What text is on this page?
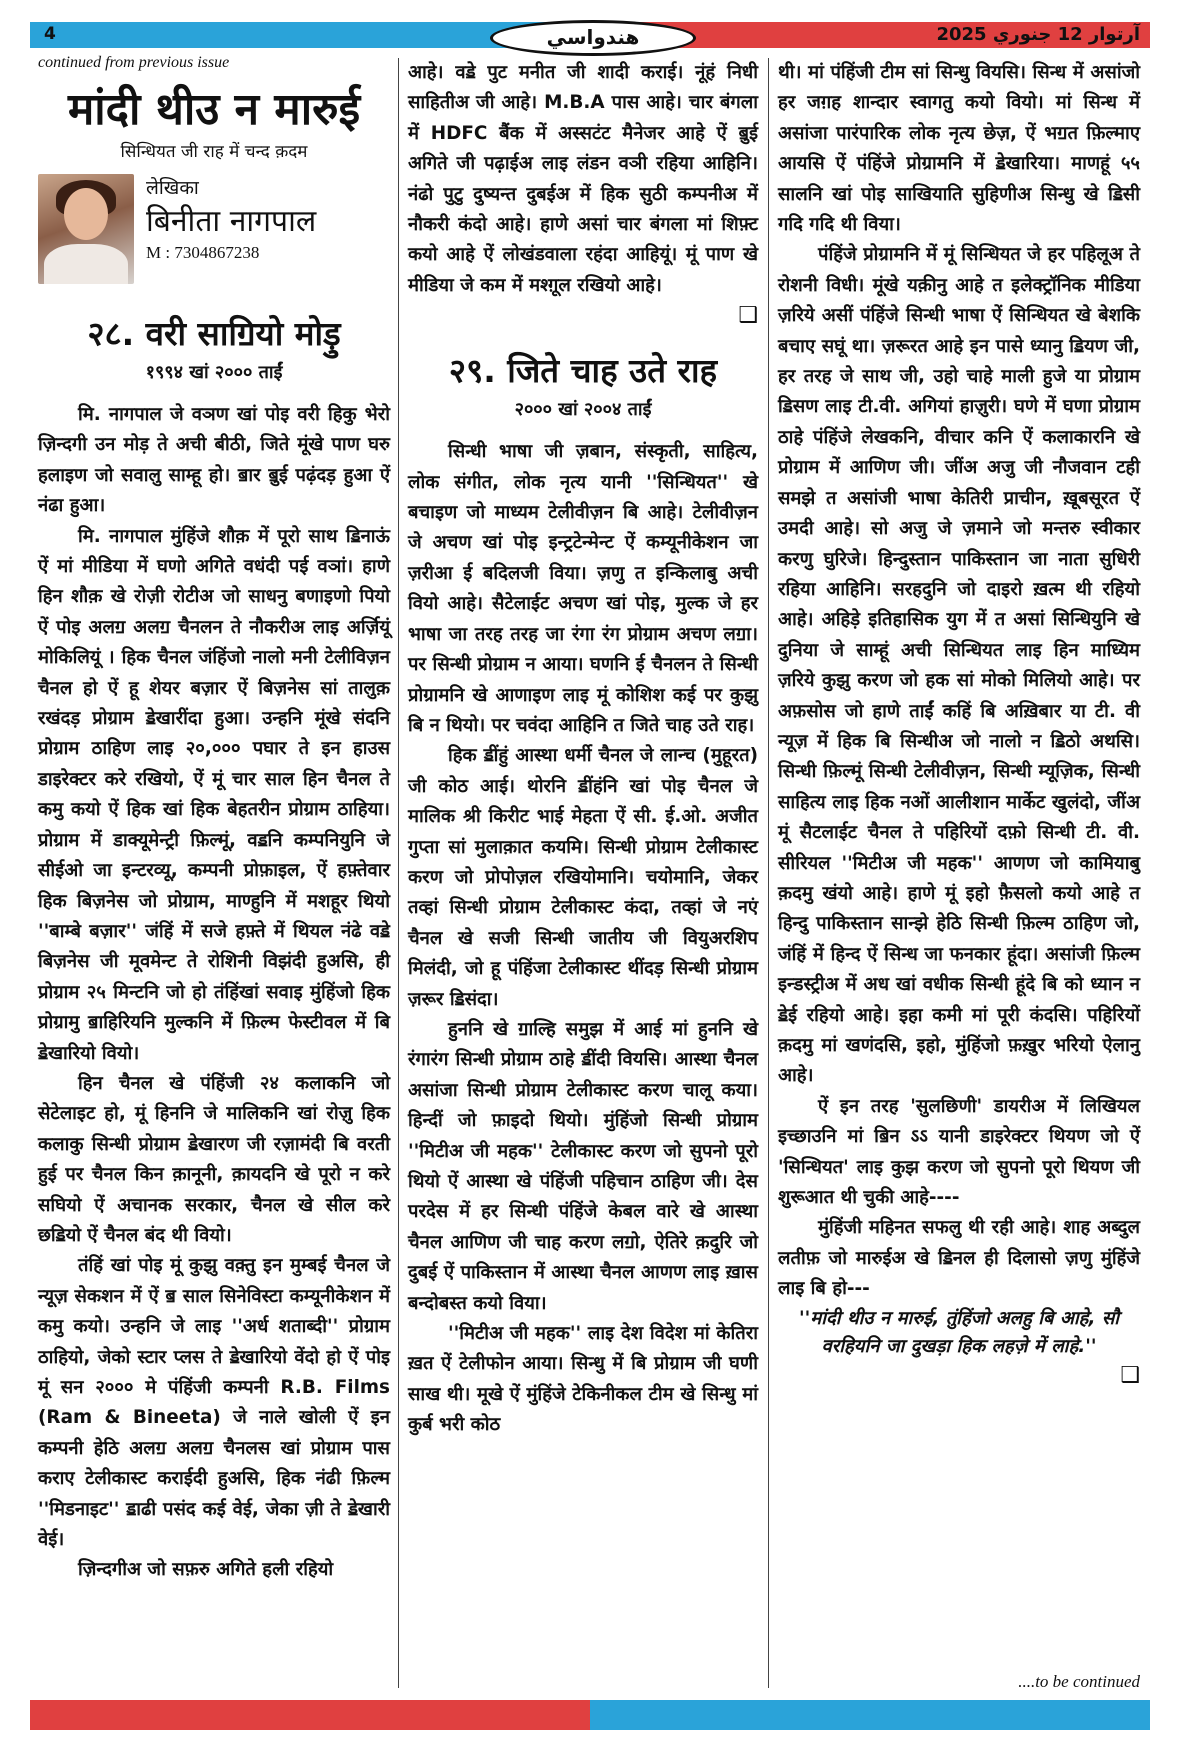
4	هندواسي	آرتوار 12 جنوري 2025
continued from previous issue
मांदी थीउ न मारुई
सिन्धियत जी राह में चन्द क़दम
लेखिका
बिनीता नागपाल
M : 7304867238
२८. वरी साॻियो मोड़ु
१९९४ खां २००० ताईं

मि. नागपाल जे वञण खां पोइ वरी हिकु भेरो ज़िन्दगी उन मोड़ ते अची बीठी, जिते मूंखे पाण घरु हलाइण जो सवालु साम्हू हो। ॿार ॿुई पढ़ंदड़ हुआ ऐं नंढा हुआ।

मि. नागपाल मुंहिंजे शौक़ में पूरो साथ ॾिनाऊं ऐं मां मीडिया में घणो अगिते वधंदी पई वञां। हाणे हिन शौक़ खे रोज़ी रोटीअ जो साधनु बणाइणो पियो ऐं पोइ अलॻ अलॻ चैनलन ते नौकरीअ लाइ अर्ज़ियूं मोकिलियूं । हिक चैनल जंहिंजो नालो मनी टेलीविज़न चैनल हो ऐं हू शेयर बज़ार ऐं बिज़नेस सां तालुक़ रखंदड़ प्रोग्राम ॾेखारींदा हुआ। उन्हनि मूंखे संदनि प्रोग्राम ठाहिण लाइ २०,००० पघार ते इन हाउस डाइरेक्टर करे रखियो, ऐं मूं चार साल हिन चैनल ते कमु कयो ऐं हिक खां हिक बेहतरीन प्रोग्राम ठाहिया। प्रोग्राम में डाक्यूमेन्ट्री फ़िल्मूं, वॾनि कम्पनियुनि जे सीईओ जा इन्टरव्यू, कम्पनी प्रोफ़ाइल, ऐं हफ़्तेवार हिक बिज़नेस जो प्रोग्राम, माण्हुनि में मशहूर थियो ''बाम्बे बज़ार'' जंहिं में सजे हफ़्ते में थियल नंढे वॾे बिज़नेस जी मूवमेन्ट ते रोशिनी विझंदी हुअसि, ही प्रोग्राम २५ मिन्टनि जो हो तंहिंखां सवाइ मुंहिंजो हिक प्रोग्रामु ॿाहिरियनि मुल्कनि में फ़िल्म फेस्टीवल में बि ॾेखारियो वियो।

हिन चैनल खे पंहिंजी २४ कलाकनि जो सेटेलाइट हो, मूं हिननि जे मालिकनि खां रोज़ु हिक कलाकु सिन्धी प्रोग्राम ॾेखारण जी रज़ामंदी बि वरती हुई पर चैनल किन क़ानूनी, क़ायदनि खे पूरो न करे सघियो ऐं अचानक सरकार, चैनल खे सील करे छॾियो ऐं चैनल बंद थी वियो।

तंहिं खां पोइ मूं कुझु वक़्तु इन मुम्बई चैनल जे न्यूज़ सेकशन में ऐं ॿ साल सिनेविस्टा कम्यूनीकेशन में कमु कयो। उन्हनि जे लाइ ''अर्ध शताब्दी'' प्रोग्राम ठाहियो, जेको स्टार प्लस ते ॾेखारियो वेंदो हो ऐं पोइ मूं सन २००० मे पंहिंजी कम्पनी R.B. Films (Ram & Bineeta) जे नाले खोली ऐं इन कम्पनी हेठि अलॻ अलॻ चैनलस खां प्रोग्राम पास कराए टेलीकास्ट कराईदी हुअसि, हिक नंढी फ़िल्म ''मिडनाइट'' ॾाढी पसंद कई वेई, जेका ज़ी ते ॾेखारी वेई।

ज़िन्दगीअ जो सफ़रु अगिते हली रहियो

आहे। वॾे पुट मनीत जी शादी कराई। नूंहं निधी साहितीअ जी आहे। M.B.A पास आहे। चार बंगला में HDFC बैंक में अस्सटंट मैनेजर आहे ऐं ॿुई अगिते जी पढ़ाईअ लाइ लंडन वञी रहिया आहिनि। नंढो पुटु दुष्यन्त दुबईअ में हिक सुठी कम्पनीअ में नौकरी कंदो आहे। हाणे असां चार बंगला मां शिफ़्ट कयो आहे ऐं लोखंडवाला रहंदा आहियूं। मूं पाण खे मीडिया जे कम में मश्ग़ूल रखियो आहे।

❑
२९. जिते चाह उते राह
२००० खां २००४ ताईं

सिन्धी भाषा जी ज़बान, संस्कृती, साहित्य, लोक संगीत, लोक नृत्य यानी ''सिन्धियत'' खे बचाइण जो माध्यम टेलीवीज़न बि आहे। टेलीवीज़न जे अचण खां पोइ इन्ट्रटेन्मेन्ट ऐं कम्यूनीकेशन जा ज़रीआ ई बदिलजी विया। ज़णु त इन्किलाबु अची वियो आहे। सैटेलाईट अचण खां पोइ, मुल्क जे हर भाषा जा तरह तरह जा रंगा रंग प्रोग्राम अचण लॻा। पर सिन्धी प्रोग्राम न आया। घणनि ई चैनलन ते सिन्धी प्रोग्रामनि खे आणाइण लाइ मूं कोशिश कई पर कुझु बि न थियो। पर चवंदा आहिनि त जिते चाह उते राह।

हिक ॾींहुं आस्था धर्मी चैनल जे लान्च (मुहूरत) जी कोठ आई। थोरनि ॾींहंनि खां पोइ चैनल जे मालिक श्री किरीट भाई मेहता ऐं सी. ई.ओ. अजीत गुप्ता सां मुलाक़ात कयमि। सिन्धी प्रोग्राम टेलीकास्ट करण जो प्रोपोज़ल रखियोमानि। चयोमानि, जेकर तव्हां सिन्धी प्रोग्राम टेलीकास्ट कंदा, तव्हां जे नएं चैनल खे सजी सिन्धी जातीय जी वियुअरशिप मिलंदी, जो हू पंहिंजा टेलीकास्ट थींदड़ सिन्धी प्रोग्राम ज़रूर ॾिसंदा।

हुननि खे ॻाल्हि समुझ में आई मां हुननि खे रंगारंग सिन्धी प्रोग्राम ठाहे ॾींदी वियसि। आस्था चैनल असांजा सिन्धी प्रोग्राम टेलीकास्ट करण चालू कया। हिन्दीं जो फ़ाइदो थियो। मुंहिंजो सिन्धी प्रोग्राम ''मिटीअ जी महक'' टेलीकास्ट करण जो सुपनो पूरो थियो ऐं आस्था खे पंहिंजी पहिचान ठाहिण जी। देस परदेस में हर सिन्धी पंहिंजे केबल वारे खे आस्था चैनल आणिण जी चाह करण लॻो, ऐतिरे क़दुरि जो दुबई ऐं पाकिस्तान में आस्था चैनल आणण लाइ ख़ास बन्दोबस्त कयो विया।

''मिटीअ जी महक'' लाइ देश विदेश मां केतिरा ख़त ऐं टेलीफोन आया। सिन्धु में बि प्रोग्राम जी घणी साख थी। मूखे ऐं मुंहिंजे टेकिनीकल टीम खे सिन्धु मां कुर्ब भरी कोठ

थी। मां पंहिंजी टीम सां सिन्धु वियसि। सिन्ध में असांजो हर जग़ह शान्दार स्वागतु कयो वियो। मां सिन्ध में असांजा पारंपारिक लोक नृत्य छेज़, ऐं भॻत फ़िल्माए आयसि ऐं पंहिंजे प्रोग्रामनि में ॾेखारिया। माणहूं ५५ सालनि खां पोइ साखियाति सुहिणीअ सिन्धु खे ॾिसी गदि गदि थी विया।

पंहिंजे प्रोग्रामनि में मूं सिन्धियत जे हर पहिलूअ ते रोशनी विधी। मूंखे यक़ीनु आहे त इलेक्ट्रॉनिक मीडिया ज़रिये असीं पंहिंजे सिन्धी भाषा ऐं सिन्धियत खे बेशकि बचाए सघूं था। ज़रूरत आहे इन पासे ध्यानु ॾियण जी, हर तरह जे साथ जी, उहो चाहे माली हुजे या प्रोग्राम ॾिसण लाइ टी.वी. अगियां हाज़ुरी। घणे में घणा प्रोग्राम ठाहे पंहिंजे लेखकनि, वीचार कनि ऐं कलाकारनि खे प्रोग्राम में आणिण जी। जींअ अजु जी नौजवान टही समझे त असांजी भाषा केतिरी प्राचीन, ख़ूबसूरत ऐं उमदी आहे। सो अजु जे ज़माने जो मन्तरु स्वीकार करणु घुरिजे। हिन्दुस्तान पाकिस्तान जा नाता सुधिरी रहिया आहिनि। सरहदुनि जो दाइरो ख़त्म थी रहियो आहे। अहिड़े इतिहासिक युग में त असां सिन्धियुनि खे दुनिया जे साम्हूं अची सिन्धियत लाइ हिन माध्यिम ज़रिये कुझु करण जो हक सां मोको मिलियो आहे। पर अफ़सोस जो हाणे ताईं कहिं बि अख़िबार या टी. वी न्यूज़ में हिक बि सिन्धीअ जो नालो न ॾिठो अथसि। सिन्धी फ़िल्मूं सिन्धी टेलीवीज़न, सिन्धी म्यूज़िक, सिन्धी साहित्य लाइ हिक नओं आलीशान मार्केट खुलंदो, जींअ मूं सैटलाईट चैनल ते पहिरियों दफ़ो सिन्धी टी. वी. सीरियल ''मिटीअ जी महक'' आणण जो कामियाबु क़दमु खंयो आहे। हाणे मूं इहो फ़ैसलो कयो आहे त हिन्दु पाकिस्तान सान्झे हेठि सिन्धी फ़िल्म ठाहिण जो, जंहिं में हिन्द ऐं सिन्ध जा फनकार हूंदा। असांजी फ़िल्म इन्डस्ट्रीअ में अध खां वधीक सिन्धी हूंदे बि को ध्यान न ॾेई रहियो आहे। इहा कमी मां पूरी कंदसि। पहिरियों क़दमु मां खणंदसि, इहो, मुंहिंजो फ़ख़ुर भरियो ऐलानु आहे।

ऐं इन तरह 'सुलछिणी' डायरीअ में लिखियल इच्छाउनि मां ॿिन ऽऽ यानी डाइरेक्टर थियण जो ऐं 'सिन्धियत' लाइ कुझ करण जो सुपनो पूरो थियण जी शुरूआत थी चुकी आहे----

मुंहिंजी महिनत सफलु थी रही आहे। शाह अब्दुल लतीफ़ जो मारुईअ खे ॾिनल ही दिलासो ज़णु मुंहिंजे लाइ बि हो---

''मांदी थीउ न मारुई, तुंहिंजो अलहु बि आहे, सौ वरहियनि जा दुखड़ा हिक लहज़े में लाहे.''
❑
....to be continued
